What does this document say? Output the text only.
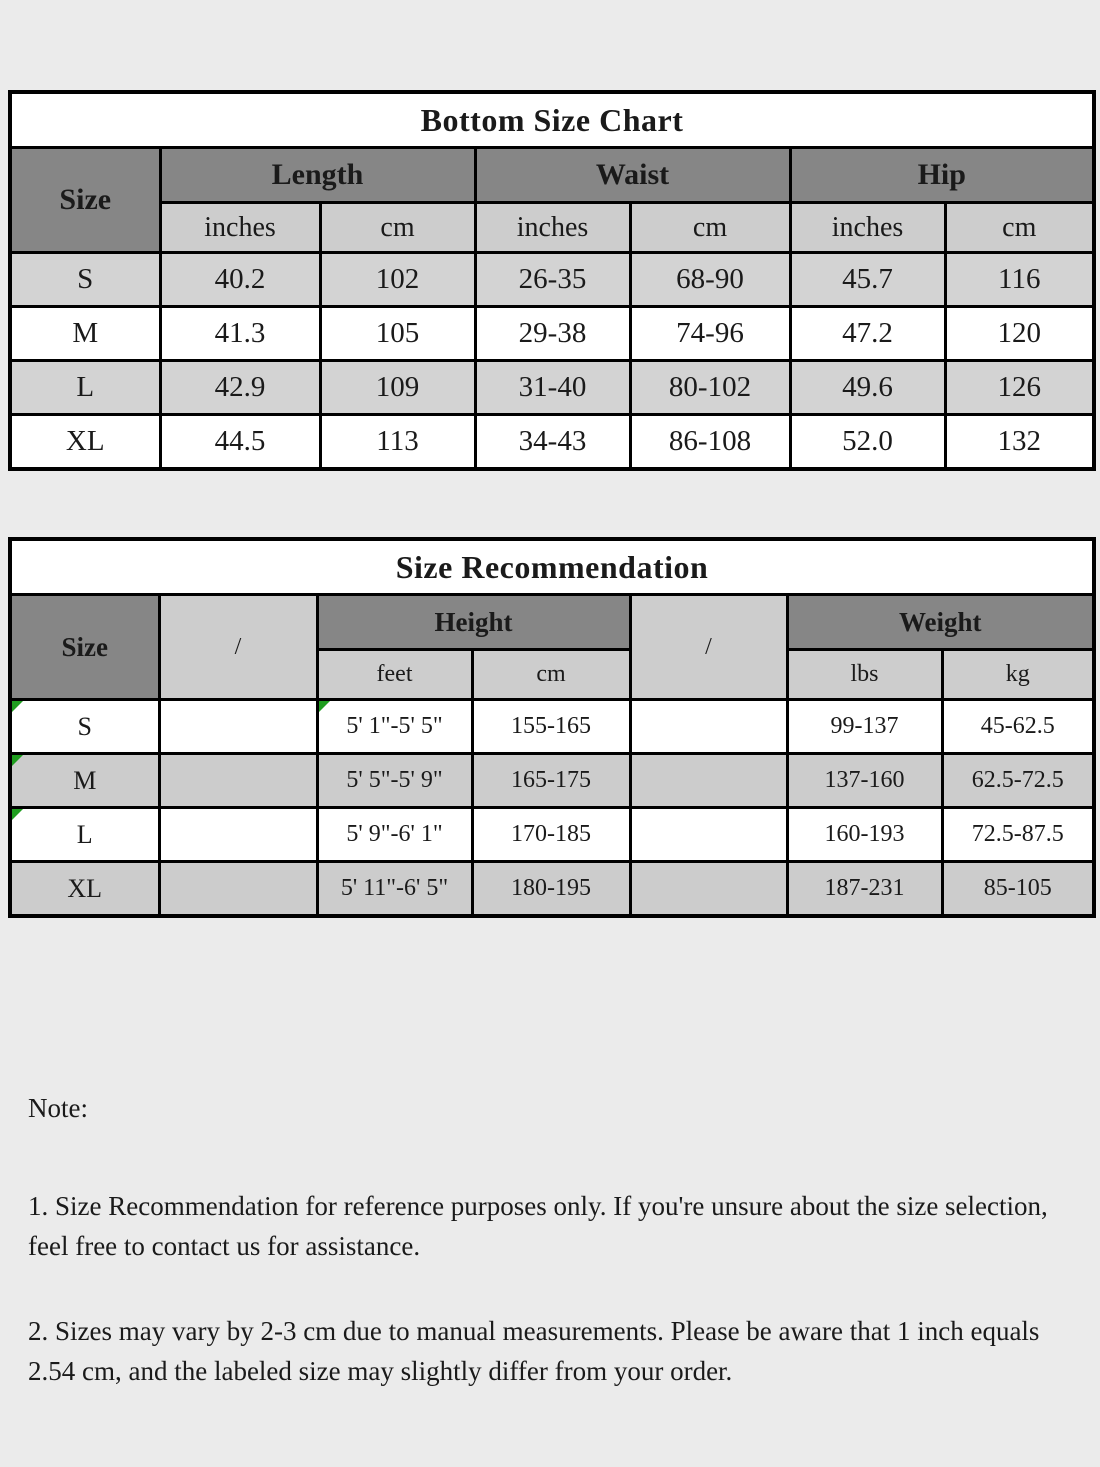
Bottom Size Chart						
Size	Length		Waist		Hip	
	inches	cm	inches	cm	inches	cm
S	40.2	102	26-35	68-90	45.7	116
M	41.3	105	29-38	74-96	47.2	120
L	42.9	109	31-40	80-102	49.6	126
XL	44.5	113	34-43	86-108	52.0	132
Size Recommendation						
Size	/	Height		/	Weight	
		feet	cm		lbs	kg

S		5' 1"-5' 5"	155-165		99-137	45-62.5

M		5' 5"-5' 9"	165-175		137-160	62.5-72.5

L		5' 9"-6' 1"	170-185		160-193	72.5-87.5
XL		5' 11"-6' 5"	180-195		187-231	85-105

Note:

1. Size Recommendation for reference purposes only. If you're unsure about the size selection, feel free to contact us for assistance.

2. Sizes may vary by 2-3 cm due to manual measurements. Please be aware that 1 inch equals 2.54 cm, and the labeled size may slightly differ from your order.
